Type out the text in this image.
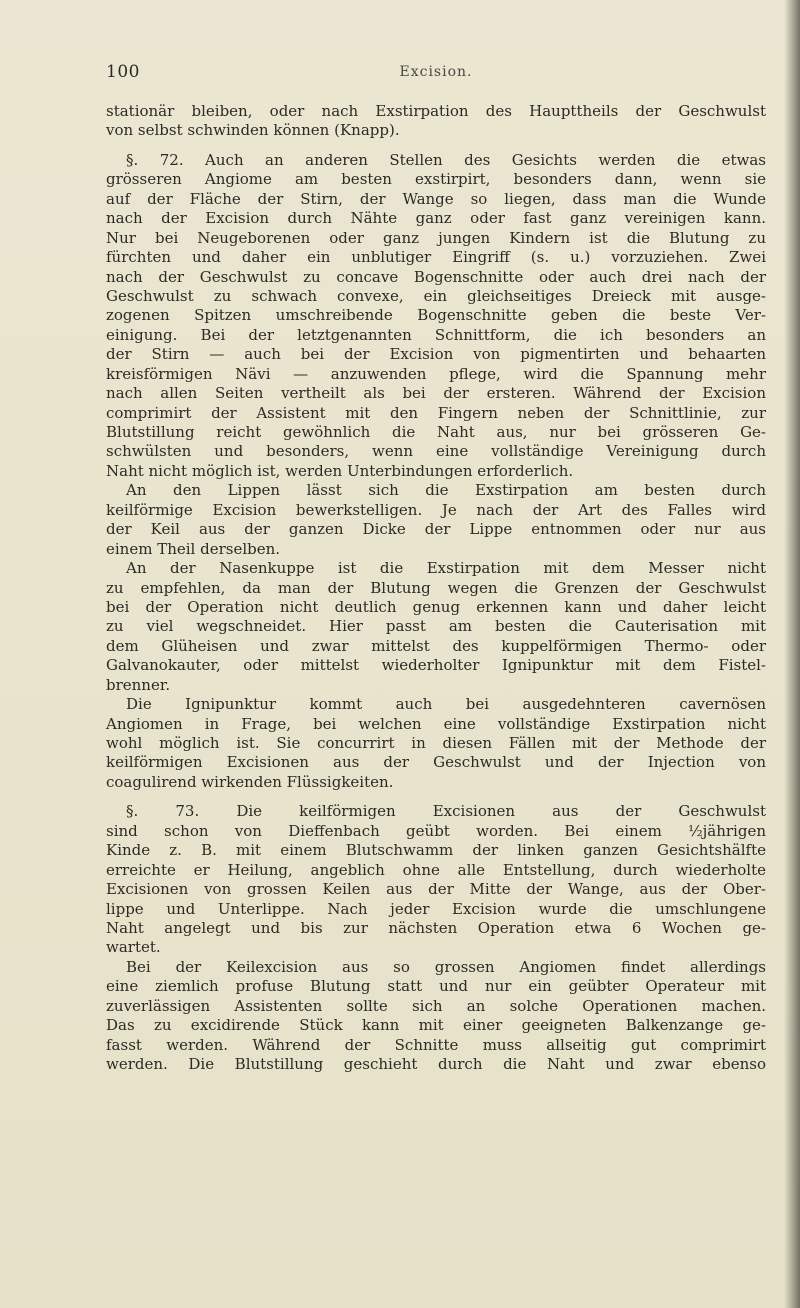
100	Excision.
stationär bleiben, oder nach Exstirpation des Haupttheils der Geschwulst
von selbst schwinden können (Knapp).
§. 72. Auch an anderen Stellen des Gesichts werden die etwas
grösseren Angiome am besten exstirpirt, besonders dann, wenn sie
auf der Fläche der Stirn, der Wange so liegen, dass man die Wunde
nach der Excision durch Nähte ganz oder fast ganz vereinigen kann.
Nur bei Neugeborenen oder ganz jungen Kindern ist die Blutung zu
fürchten und daher ein unblutiger Eingriff (s. u.) vorzuziehen. Zwei
nach der Geschwulst zu concave Bogenschnitte oder auch drei nach der
Geschwulst zu schwach convexe, ein gleichseitiges Dreieck mit ausge-
zogenen Spitzen umschreibende Bogenschnitte geben die beste Ver-
einigung. Bei der letztgenannten Schnittform, die ich besonders an
der Stirn — auch bei der Excision von pigmentirten und behaarten
kreisförmigen Nävi — anzuwenden pflege, wird die Spannung mehr
nach allen Seiten vertheilt als bei der ersteren. Während der Excision
comprimirt der Assistent mit den Fingern neben der Schnittlinie, zur
Blutstillung reicht gewöhnlich die Naht aus, nur bei grösseren Ge-
schwülsten und besonders, wenn eine vollständige Vereinigung durch
Naht nicht möglich ist, werden Unterbindungen erforderlich.
An den Lippen lässt sich die Exstirpation am besten durch
keilförmige Excision bewerkstelligen. Je nach der Art des Falles wird
der Keil aus der ganzen Dicke der Lippe entnommen oder nur aus
einem Theil derselben.
An der Nasenkuppe ist die Exstirpation mit dem Messer nicht
zu empfehlen, da man der Blutung wegen die Grenzen der Geschwulst
bei der Operation nicht deutlich genug erkennen kann und daher leicht
zu viel wegschneidet. Hier passt am besten die Cauterisation mit
dem Glüheisen und zwar mittelst des kuppelförmigen Thermo- oder
Galvanokauter, oder mittelst wiederholter Ignipunktur mit dem Fistel-
brenner.
Die Ignipunktur kommt auch bei ausgedehnteren cavernösen
Angiomen in Frage, bei welchen eine vollständige Exstirpation nicht
wohl möglich ist. Sie concurrirt in diesen Fällen mit der Methode der
keilförmigen Excisionen aus der Geschwulst und der Injection von
coagulirend wirkenden Flüssigkeiten.
§. 73. Die keilförmigen Excisionen aus der Geschwulst
sind schon von Dieffenbach geübt worden. Bei einem ½jährigen
Kinde z. B. mit einem Blutschwamm der linken ganzen Gesichtshälfte
erreichte er Heilung, angeblich ohne alle Entstellung, durch wiederholte
Excisionen von grossen Keilen aus der Mitte der Wange, aus der Ober-
lippe und Unterlippe. Nach jeder Excision wurde die umschlungene
Naht angelegt und bis zur nächsten Operation etwa 6 Wochen ge-
wartet.
Bei der Keilexcision aus so grossen Angiomen findet allerdings
eine ziemlich profuse Blutung statt und nur ein geübter Operateur mit
zuverlässigen Assistenten sollte sich an solche Operationen machen.
Das zu excidirende Stück kann mit einer geeigneten Balkenzange ge-
fasst werden. Während der Schnitte muss allseitig gut comprimirt
werden. Die Blutstillung geschieht durch die Naht und zwar ebenso
